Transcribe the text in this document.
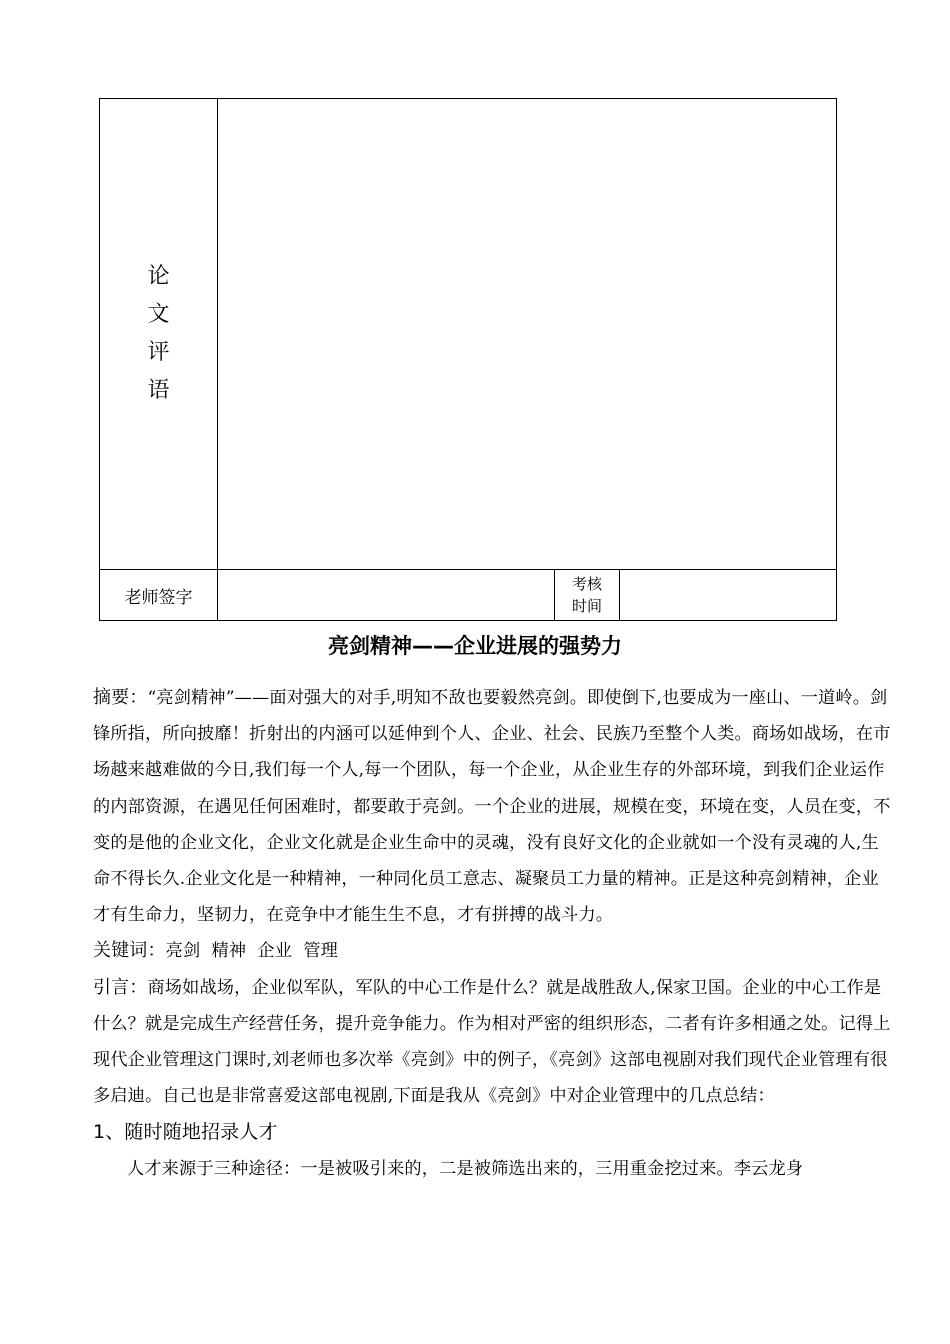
论
文
评
语			
老师签字		考核
时间	
亮剑精神——企业进展的强势力

摘要：“亮剑精神”——面对强大的对手,明知不敌也要毅然亮剑。即使倒下,也要成为一座山、一道岭。剑锋所指，所向披靡！折射出的内涵可以延伸到个人、企业、社会、民族乃至整个人类。商场如战场，在市场越来越难做的今日,我们每一个人,每一个团队，每一个企业，从企业生存的外部环境，到我们企业运作的内部资源，在遇见任何困难时，都要敢于亮剑。一个企业的进展，规模在变，环境在变，人员在变，不变的是他的企业文化，企业文化就是企业生命中的灵魂，没有良好文化的企业就如一个没有灵魂的人,生命不得长久.企业文化是一种精神，一种同化员工意志、凝聚员工力量的精神。正是这种亮剑精神，企业才有生命力，坚韧力，在竞争中才能生生不息，才有拼搏的战斗力。

关键词：亮剑  精神  企业  管理

引言：商场如战场，企业似军队，军队的中心工作是什么？就是战胜敌人,保家卫国。企业的中心工作是什么？就是完成生产经营任务，提升竞争能力。作为相对严密的组织形态，二者有许多相通之处。记得上现代企业管理这门课时,刘老师也多次举《亮剑》中的例子，《亮剑》这部电视剧对我们现代企业管理有很多启迪。自己也是非常喜爱这部电视剧,下面是我从《亮剑》中对企业管理中的几点总结：

1、随时随地招录人才

人才来源于三种途径：一是被吸引来的，二是被筛选出来的，三用重金挖过来。李云龙身
